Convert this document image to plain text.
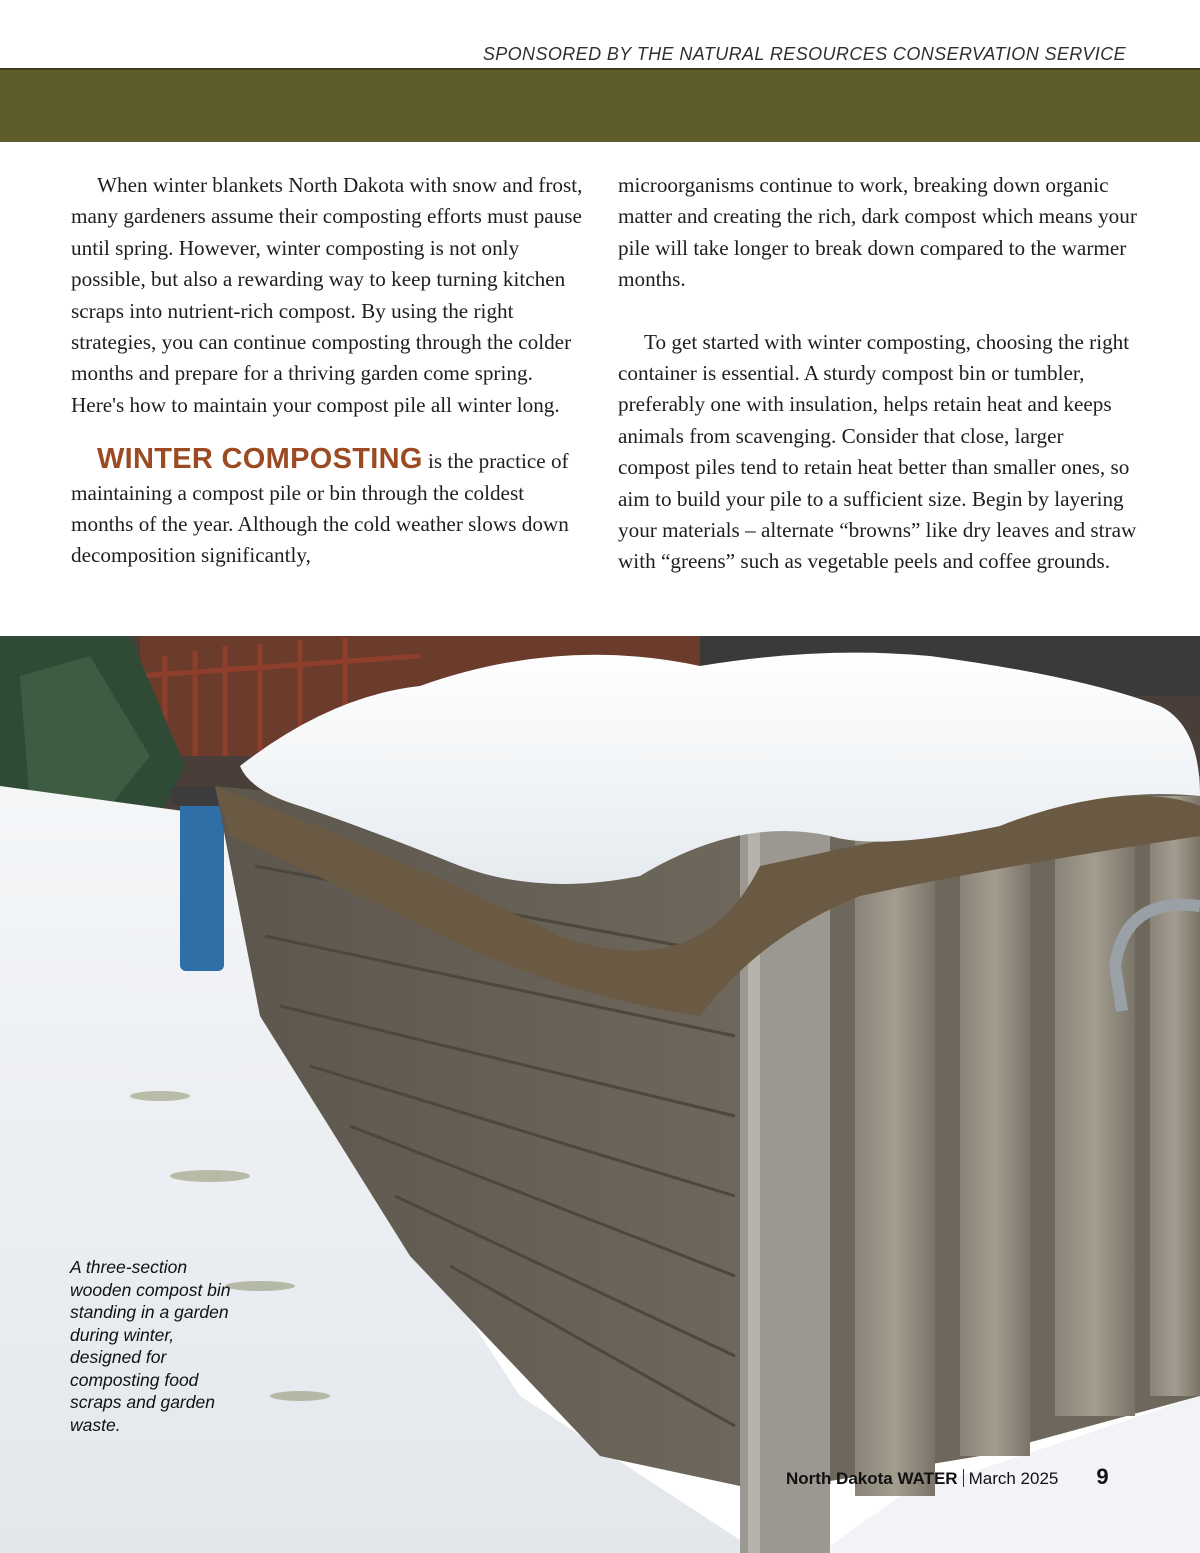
SPONSORED BY THE NATURAL RESOURCES CONSERVATION SERVICE

When winter blankets North Dakota with snow and frost, many gardeners assume their composting efforts must pause until spring. However, winter composting is not only possible, but also a rewarding way to keep turning kitchen scraps into nutrient-rich compost. By using the right strategies, you can continue composting through the colder months and prepare for a thriving garden come spring. Here's how to maintain your compost pile all winter long.

WINTER COMPOSTING is the practice of maintaining a compost pile or bin through the coldest months of the year. Although the cold weather slows down decomposition significantly,

microorganisms continue to work, breaking down organic matter and creating the rich, dark compost which means your pile will take longer to break down compared to the warmer months.

To get started with winter composting, choosing the right container is essential. A sturdy compost bin or tumbler, preferably one with insulation, helps retain heat and keeps animals from scavenging. Consider that close, larger compost piles tend to retain heat better than smaller ones, so aim to build your pile to a sufficient size. Begin by layering your materials – alternate “browns” like dry leaves and straw with “greens” such as vegetable peels and coffee grounds.

A three-section wooden compost bin standing in a garden during winter, designed for composting food scraps and garden waste.
North Dakota WATER March 2025 9
